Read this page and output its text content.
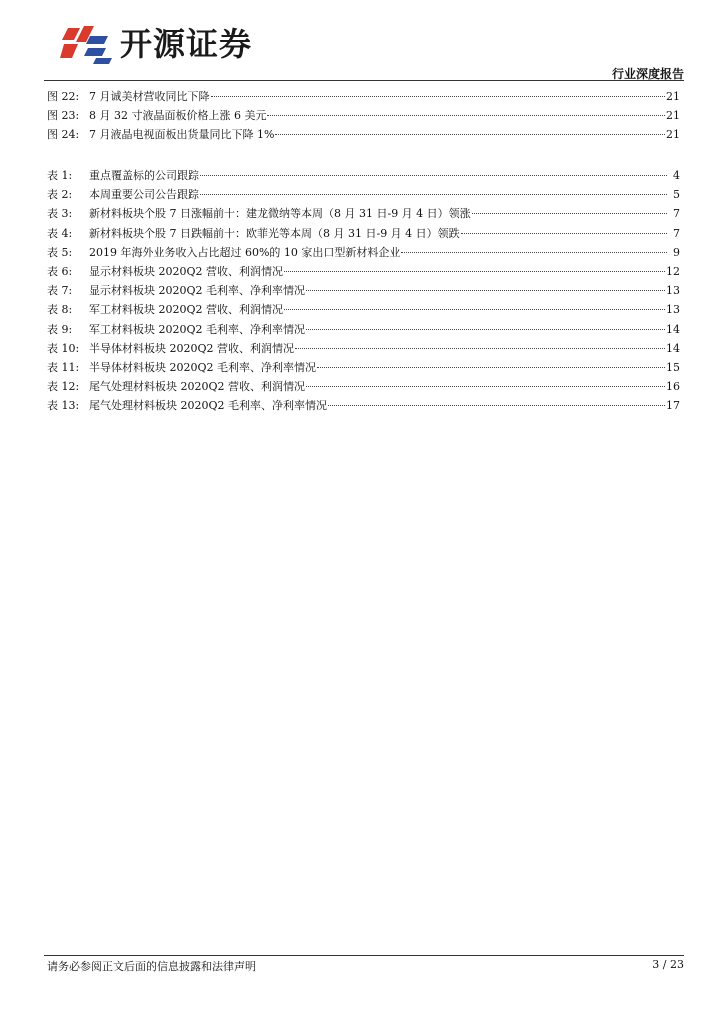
开源证券
行业深度报告
图 22: 7 月诚美材营收同比下降	21
图 23: 8 月 32 寸液晶面板价格上涨 6 美元	21
图 24: 7 月液晶电视面板出货量同比下降 1%	21
表 1:	重点覆盖标的公司跟踪	4
表 2:	本周重要公司公告跟踪	5
表 3:	新材料板块个股 7 日涨幅前十：建龙微纳等本周（8 月 31 日-9 月 4 日）领涨	7
表 4:	新材料板块个股 7 日跌幅前十：欧菲光等本周（8 月 31 日-9 月 4 日）领跌	7
表 5:	2019 年海外业务收入占比超过 60%的 10 家出口型新材料企业	9
表 6:	显示材料板块 2020Q2 营收、利润情况	12
表 7:	显示材料板块 2020Q2 毛利率、净利率情况	13
表 8:	军工材料板块 2020Q2 营收、利润情况	13
表 9:	军工材料板块 2020Q2 毛利率、净利率情况	14
表 10: 半导体材料板块 2020Q2 营收、利润情况	14
表 11: 半导体材料板块 2020Q2 毛利率、净利率情况	15
表 12: 尾气处理材料板块 2020Q2 营收、利润情况	16
表 13: 尾气处理材料板块 2020Q2 毛利率、净利率情况	17
请务必参阅正文后面的信息披露和法律声明	3 / 23
